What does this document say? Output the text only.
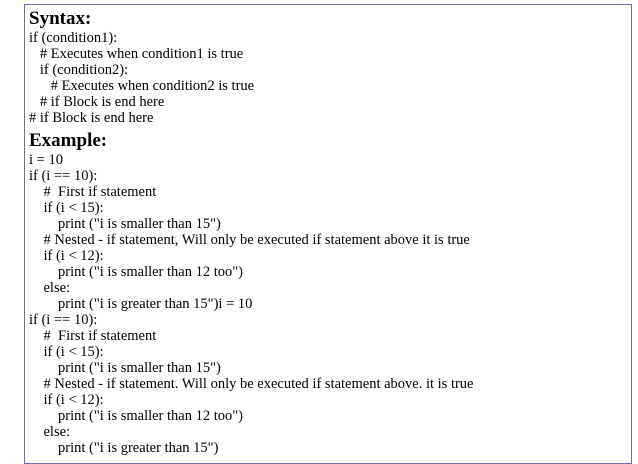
Syntax:
if (condition1):
# Executes when condition1 is true
if (condition2):
# Executes when condition2 is true
# if Block is end here
# if Block is end here
Example:
i = 10
if (i == 10):
#  First if statement
if (i < 15):
print ("i is smaller than 15")
# Nested - if statement, Will only be executed if statement above it is true
if (i < 12):
print ("i is smaller than 12 too")
else:
print ("i is greater than 15")i = 10
if (i == 10):
#  First if statement
if (i < 15):
print ("i is smaller than 15")
# Nested - if statement. Will only be executed if statement above. it is true
if (i < 12):
print ("i is smaller than 12 too")
else:
print ("i is greater than 15")
